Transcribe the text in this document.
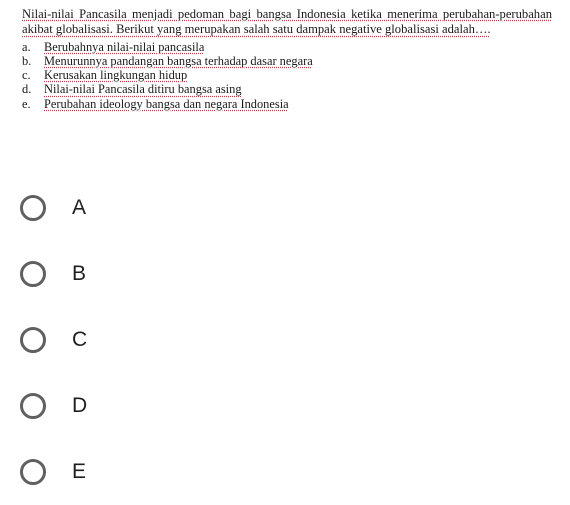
Nilai-nilai Pancasila menjadi pedoman bagi bangsa Indonesia ketika menerima perubahan-perubahan akibat globalisasi. Berikut yang merupakan salah satu dampak negative globalisasi adalah….
a.	Berubahnya nilai-nilai pancasila
b.	Menurunnya pandangan bangsa terhadap dasar negara
c.	Kerusakan lingkungan hidup
d.	Nilai-nilai Pancasila ditiru bangsa asing
e.	Perubahan ideology bangsa dan negara Indonesia
A
B
C
D
E
